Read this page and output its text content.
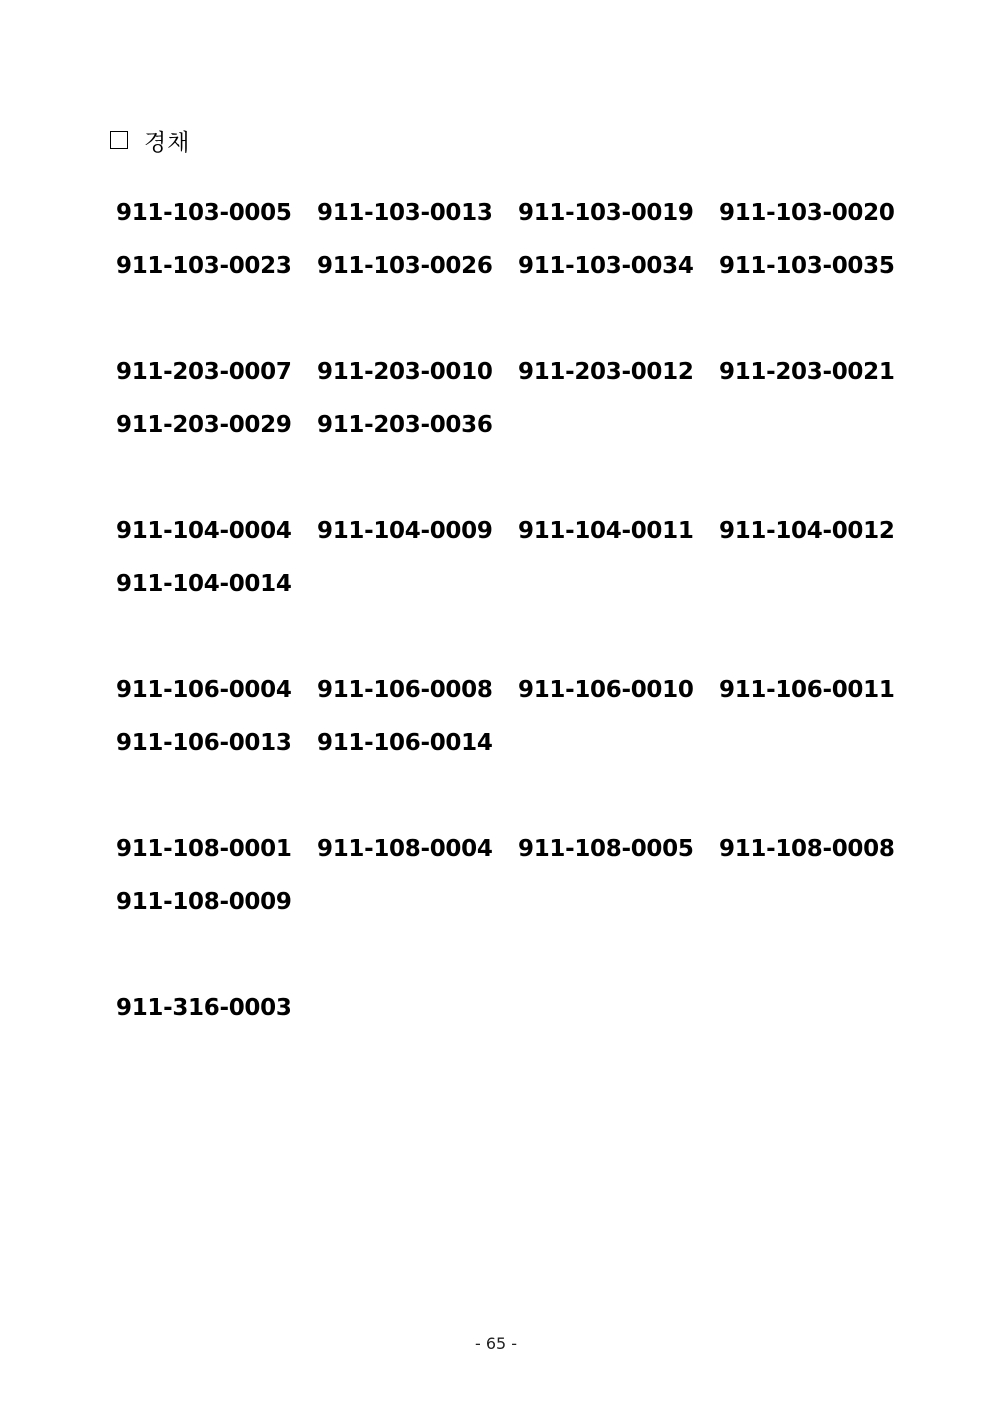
경채
911-103-0005	911-103-0013	911-103-0019	911-103-0020
911-103-0023	911-103-0026	911-103-0034	911-103-0035
911-203-0007	911-203-0010	911-203-0012	911-203-0021
911-203-0029	911-203-0036
911-104-0004	911-104-0009	911-104-0011	911-104-0012
911-104-0014
911-106-0004	911-106-0008	911-106-0010	911-106-0011
911-106-0013	911-106-0014
911-108-0001	911-108-0004	911-108-0005	911-108-0008
911-108-0009
911-316-0003
- 65 -
